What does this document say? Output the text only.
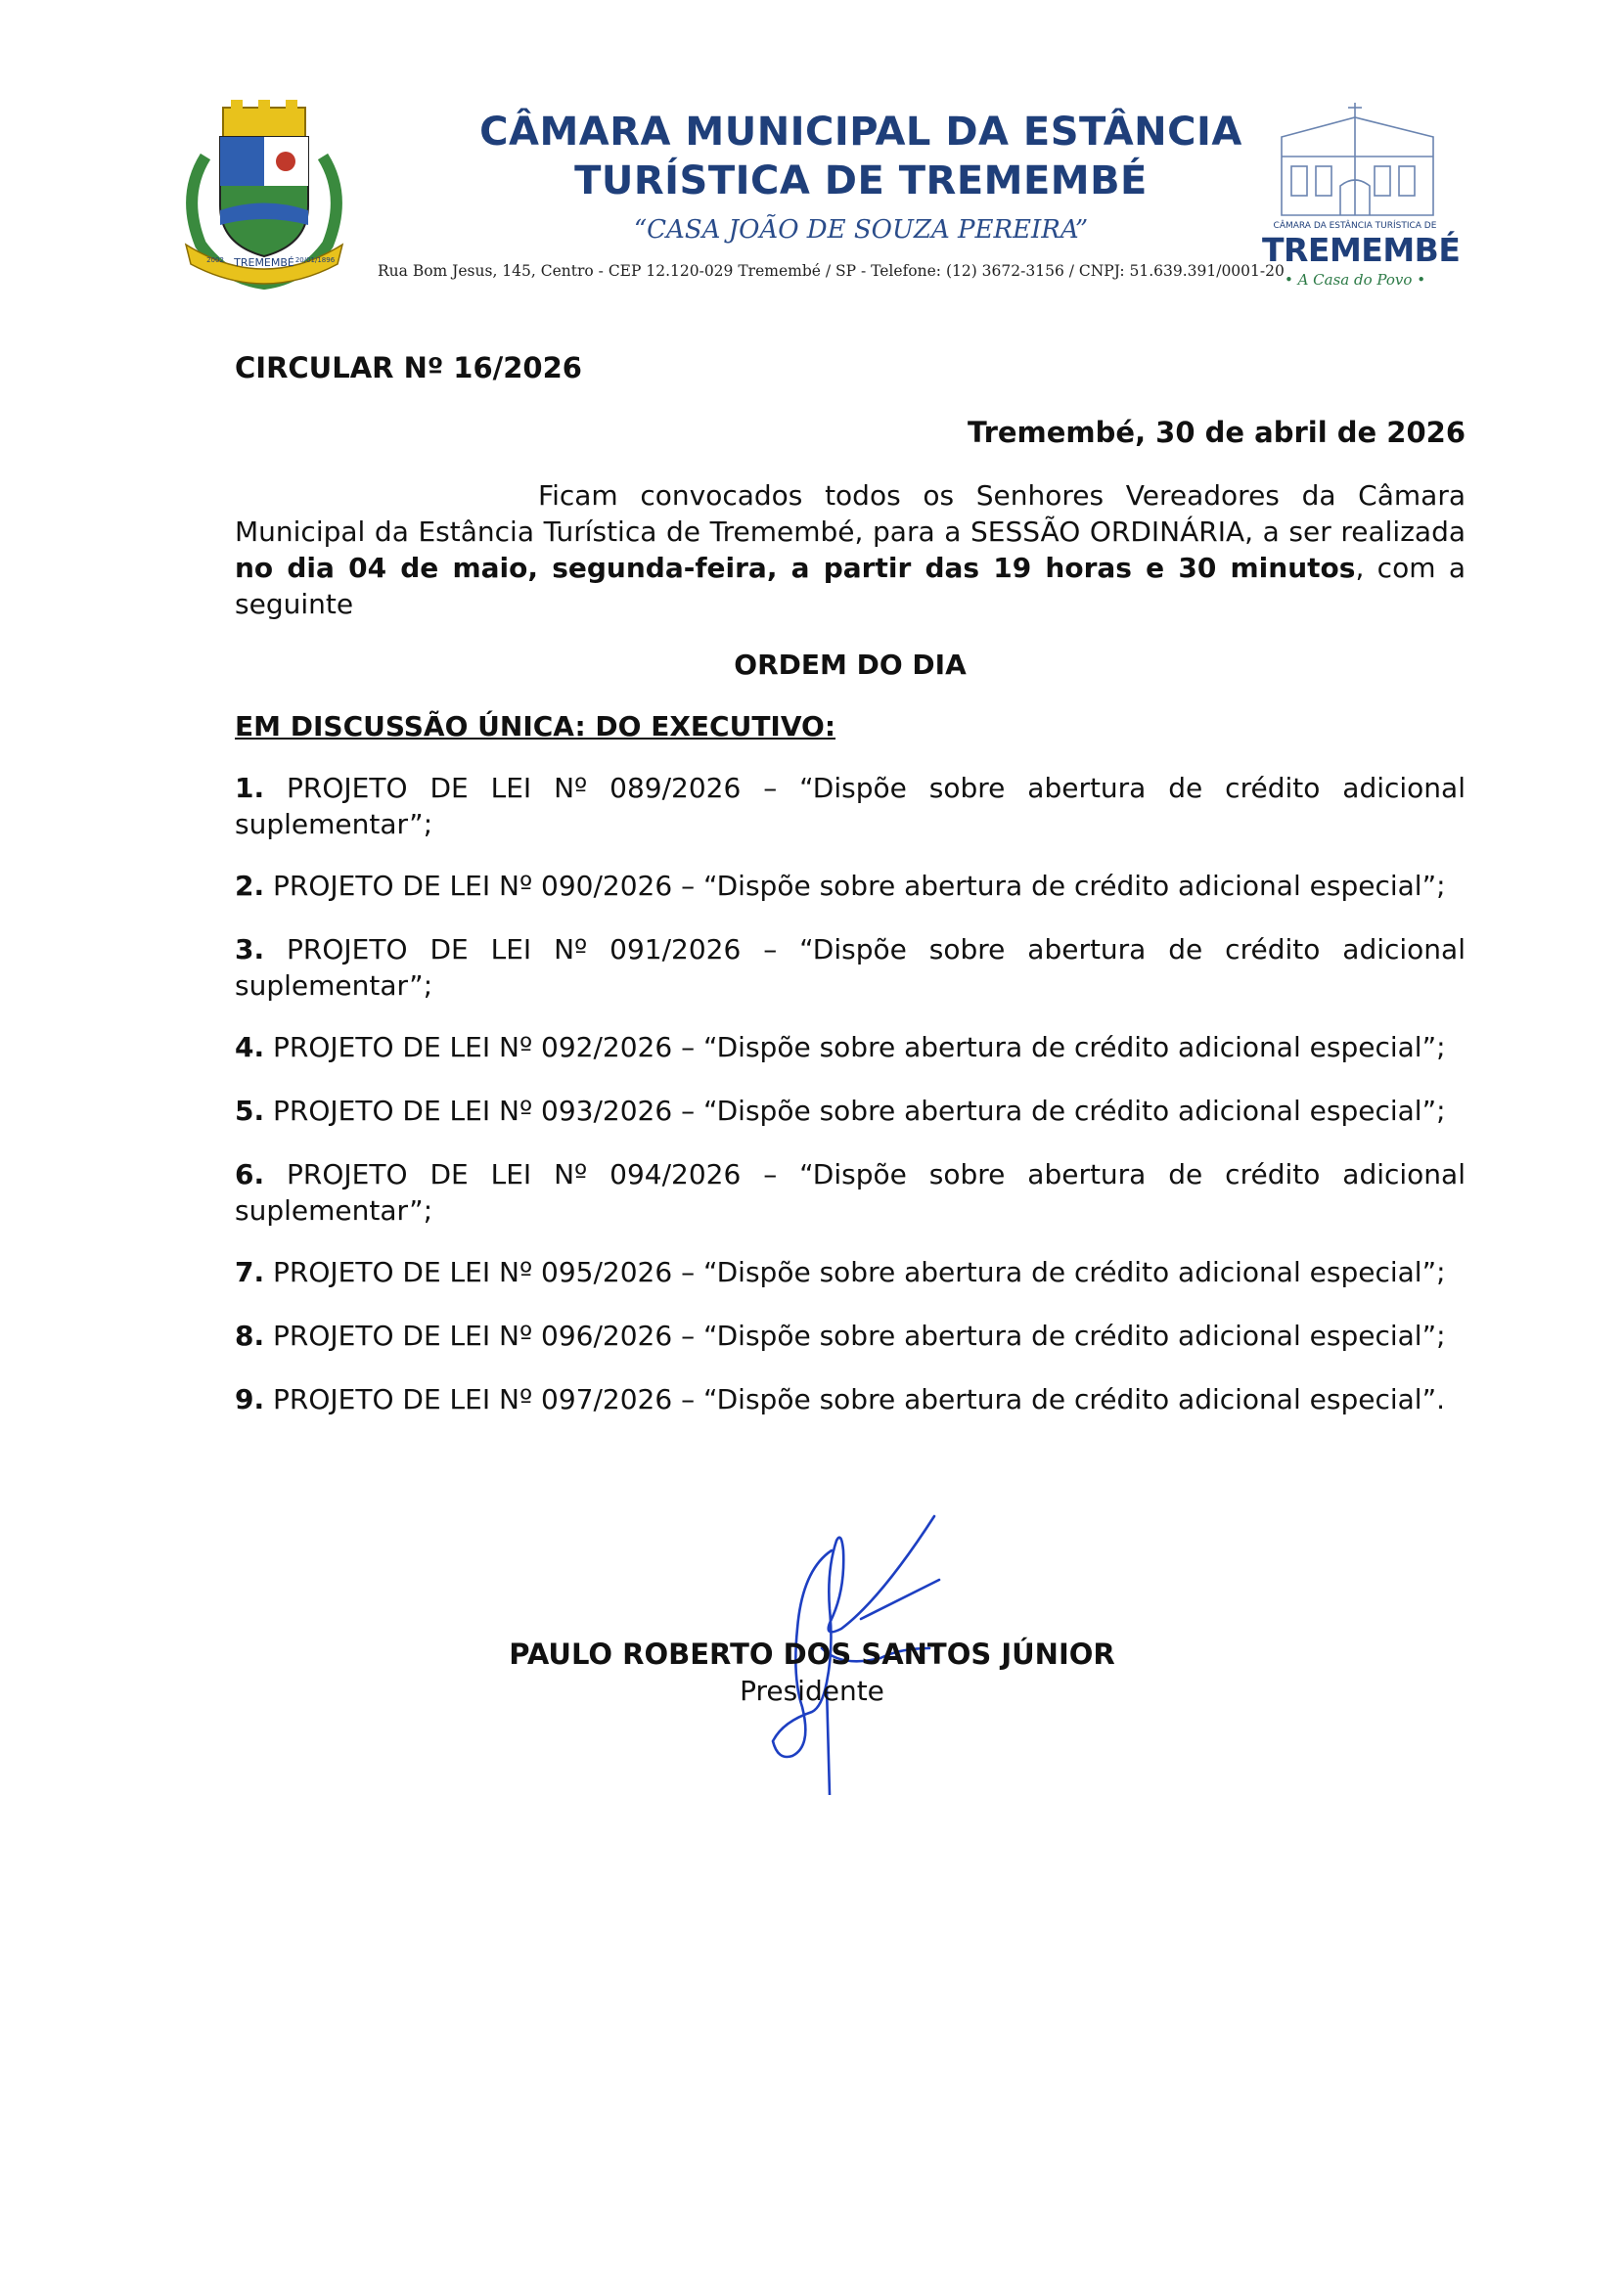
TREMEMBÉ
2002	20/01/1896
CÂMARA MUNICIPAL DA ESTÂNCIA
TURÍSTICA DE TREMEMBÉ
“CASA JOÃO DE SOUZA PEREIRA”
Rua Bom Jesus, 145, Centro - CEP 12.120-029 Tremembé / SP - Telefone: (12) 3672-3156 / CNPJ: 51.639.391/0001-20
CÂMARA DA ESTÂNCIA TURÍSTICA DE
TREMEMBÉ
• A Casa do Povo •
CIRCULAR Nº 16/2026
Tremembé, 30 de abril de 2026
Ficam convocados todos os Senhores Vereadores da Câmara Municipal da Estância Turística de Tremembé, para a SESSÃO ORDINÁRIA, a ser realizada no dia 04 de maio, segunda-feira, a partir das 19 horas e 30 minutos, com a seguinte
ORDEM DO DIA
EM DISCUSSÃO ÚNICA: DO EXECUTIVO:
1. PROJETO DE LEI Nº 089/2026 – “Dispõe sobre abertura de crédito adicional suplementar”;
2. PROJETO DE LEI Nº 090/2026 – “Dispõe sobre abertura de crédito adicional especial”;
3. PROJETO DE LEI Nº 091/2026 – “Dispõe sobre abertura de crédito adicional suplementar”;
4. PROJETO DE LEI Nº 092/2026 – “Dispõe sobre abertura de crédito adicional especial”;
5. PROJETO DE LEI Nº 093/2026 – “Dispõe sobre abertura de crédito adicional especial”;
6. PROJETO DE LEI Nº 094/2026 – “Dispõe sobre abertura de crédito adicional suplementar”;
7. PROJETO DE LEI Nº 095/2026 – “Dispõe sobre abertura de crédito adicional especial”;
8. PROJETO DE LEI Nº 096/2026 – “Dispõe sobre abertura de crédito adicional especial”;
9. PROJETO DE LEI Nº 097/2026 – “Dispõe sobre abertura de crédito adicional especial”.
PAULO ROBERTO DOS SANTOS JÚNIOR
Presidente
